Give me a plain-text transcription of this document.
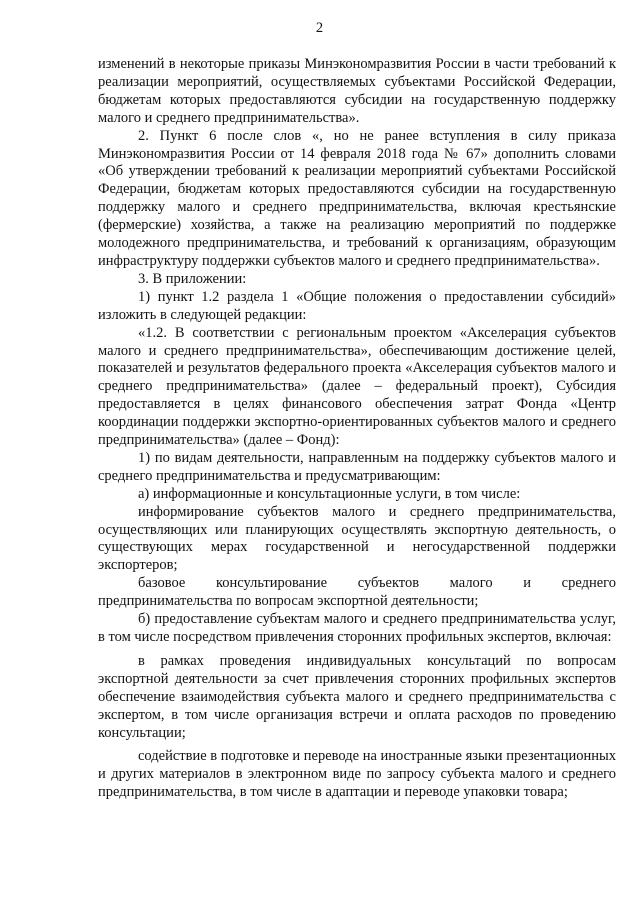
2

изменений в некоторые приказы Минэкономразвития России в части требований к реализации мероприятий, осуществляемых субъектами Российской Федерации, бюджетам которых предоставляются субсидии на государственную поддержку малого и среднего предпринимательства».

2. Пункт 6 после слов «, но не ранее вступления в силу приказа Минэкономразвития России от 14 февраля 2018 года № 67» дополнить словами «Об утверждении требований к реализации мероприятий субъектами Российской Федерации, бюджетам которых предоставляются субсидии на государственную поддержку малого и среднего предпринимательства, включая крестьянские (фермерские) хозяйства, а также на реализацию мероприятий по поддержке молодежного предпринимательства, и требований к организациям, образующим инфраструктуру поддержки субъектов малого и среднего предпринимательства».

3. В приложении:

1) пункт 1.2 раздела 1 «Общие положения о предоставлении субсидий» изложить в следующей редакции:

«1.2. В соответствии с региональным проектом «Акселерация субъектов малого и среднего предпринимательства», обеспечивающим достижение целей, показателей и результатов федерального проекта «Акселерация субъектов малого и среднего предпринимательства» (далее – федеральный проект), Субсидия предоставляется в целях финансового обеспечения затрат Фонда «Центр координации поддержки экспортно-ориентированных субъектов малого и среднего предпринимательства» (далее – Фонд):

1) по видам деятельности, направленным на поддержку субъектов малого и среднего предпринимательства и предусматривающим:

а) информационные и консультационные услуги, в том числе:

информирование субъектов малого и среднего предпринимательства, осуществляющих или планирующих осуществлять экспортную деятельность, о существующих мерах государственной и негосударственной поддержки экспортеров;

базовое консультирование субъектов малого и среднего предпринимательства по вопросам экспортной деятельности;

б) предоставление субъектам малого и среднего предпринимательства услуг, в том числе посредством привлечения сторонних профильных экспертов, включая:

в рамках проведения индивидуальных консультаций по вопросам экспортной деятельности за счет привлечения сторонних профильных экспертов обеспечение взаимодействия субъекта малого и среднего предпринимательства с экспертом, в том числе организация встречи и оплата расходов по проведению консультации;

содействие в подготовке и переводе на иностранные языки презентационных и других материалов в электронном виде по запросу субъекта малого и среднего предпринимательства, в том числе в адаптации и переводе упаковки товара;
